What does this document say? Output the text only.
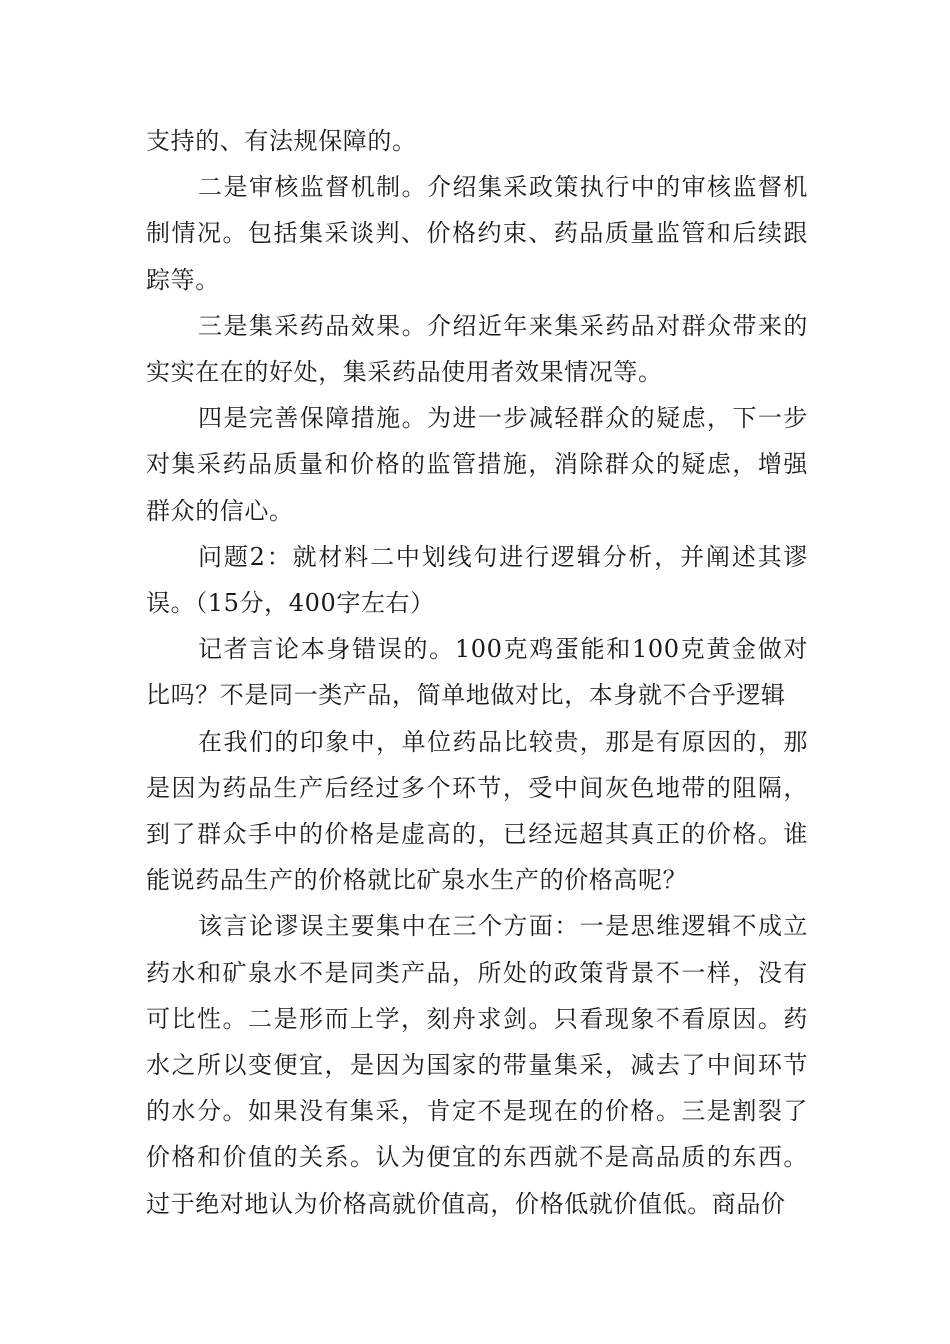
支持的、有法规保障的。

二是审核监督机制。介绍集采政策执行中的审核监督机制情况。包括集采谈判、价格约束、药品质量监管和后续跟踪等。

三是集采药品效果。介绍近年来集采药品对群众带来的实实在在的好处，集采药品使用者效果情况等。

四是完善保障措施。为进一步减轻群众的疑虑，下一步对集采药品质量和价格的监管措施，消除群众的疑虑，增强群众的信心。

问题2：就材料二中划线句进行逻辑分析，并阐述其谬误。（15分，400字左右）

记者言论本身错误的。100克鸡蛋能和100克黄金做对比吗？不是同一类产品，简单地做对比，本身就不合乎逻辑

在我们的印象中，单位药品比较贵，那是有原因的，那是因为药品生产后经过多个环节，受中间灰色地带的阻隔，到了群众手中的价格是虚高的，已经远超其真正的价格。谁能说药品生产的价格就比矿泉水生产的价格高呢？

该言论谬误主要集中在三个方面：一是思维逻辑不成立药水和矿泉水不是同类产品，所处的政策背景不一样，没有可比性。二是形而上学，刻舟求剑。只看现象不看原因。药水之所以变便宜，是因为国家的带量集采，减去了中间环节的水分。如果没有集采，肯定不是现在的价格。三是割裂了价格和价值的关系。认为便宜的东西就不是高品质的东西。过于绝对地认为价格高就价值高，价格低就价值低。商品价
